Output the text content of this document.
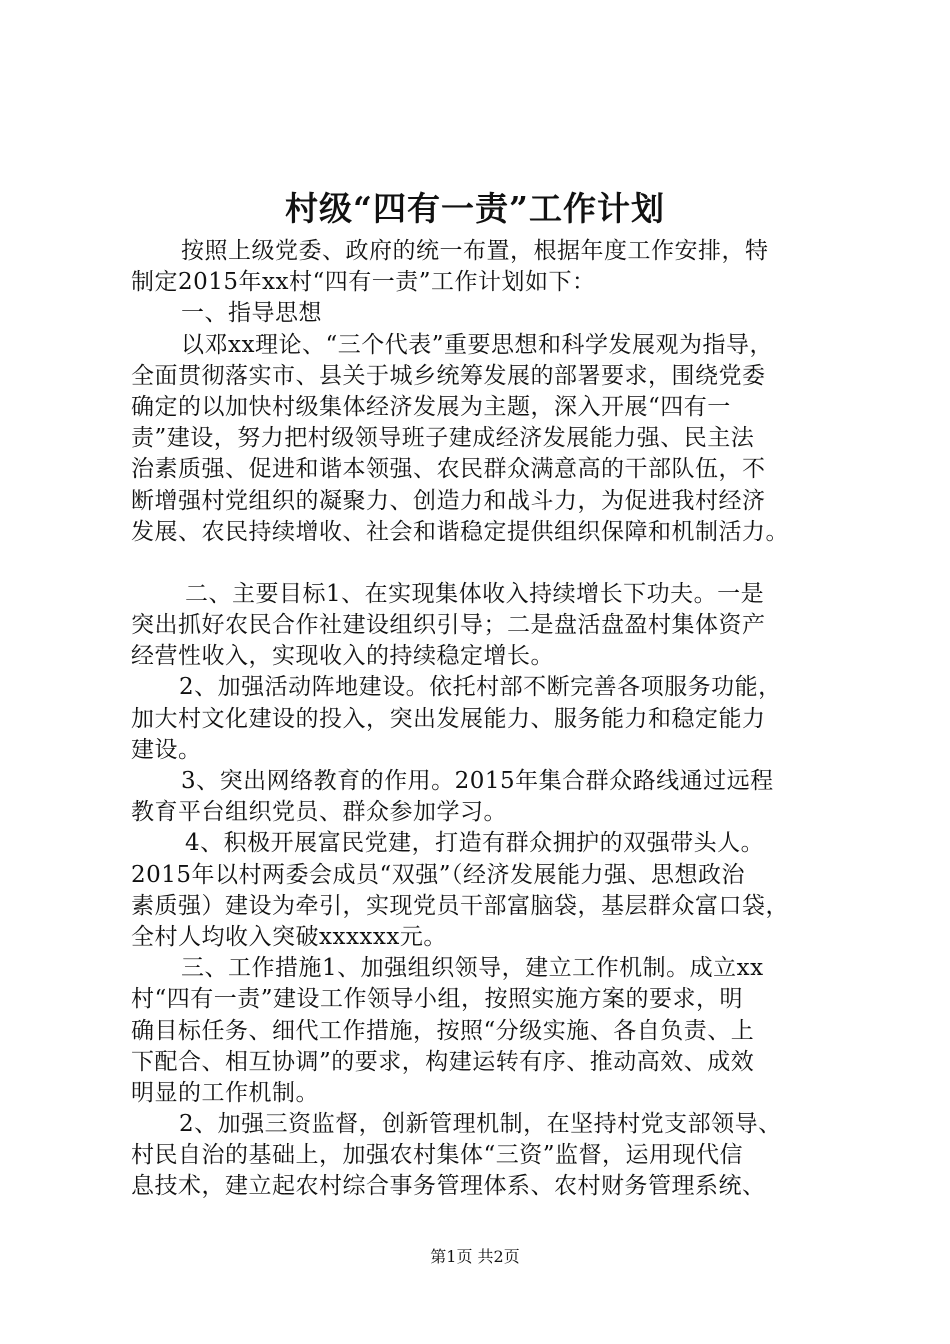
村级“四有一责”工作计划
按照上级党委、政府的统一布置，根据年度工作安排，特
制定2015年xx村“四有一责”工作计划如下：
一、指导思想
以邓xx理论、“三个代表”重要思想和科学发展观为指导，
全面贯彻落实市、县关于城乡统筹发展的部署要求，围绕党委
确定的以加快村级集体经济发展为主题，深入开展“四有一
责”建设，努力把村级领导班子建成经济发展能力强、民主法
治素质强、促进和谐本领强、农民群众满意高的干部队伍，不
断增强村党组织的凝聚力、创造力和战斗力，为促进我村经济
发展、农民持续增收、社会和谐稳定提供组织保障和机制活力。
二、主要目标1、在实现集体收入持续增长下功夫。一是
突出抓好农民合作社建设组织引导；二是盘活盘盈村集体资产
经营性收入，实现收入的持续稳定增长。
2、加强活动阵地建设。依托村部不断完善各项服务功能，
加大村文化建设的投入，突出发展能力、服务能力和稳定能力
建设。
3、突出网络教育的作用。2015年集合群众路线通过远程
教育平台组织党员、群众参加学习。
4、积极开展富民党建，打造有群众拥护的双强带头人。
2015年以村两委会成员“双强”（经济发展能力强、思想政治
素质强）建设为牵引，实现党员干部富脑袋，基层群众富口袋，
全村人均收入突破xxxxxx元。
三、工作措施1、加强组织领导，建立工作机制。成立xx
村“四有一责”建设工作领导小组，按照实施方案的要求，明
确目标任务、细代工作措施，按照“分级实施、各自负责、上
下配合、相互协调”的要求，构建运转有序、推动高效、成效
明显的工作机制。
2、加强三资监督，创新管理机制，在坚持村党支部领导、
村民自治的基础上，加强农村集体“三资”监督，运用现代信
息技术，建立起农村综合事务管理体系、农村财务管理系统、
第1页 共2页
